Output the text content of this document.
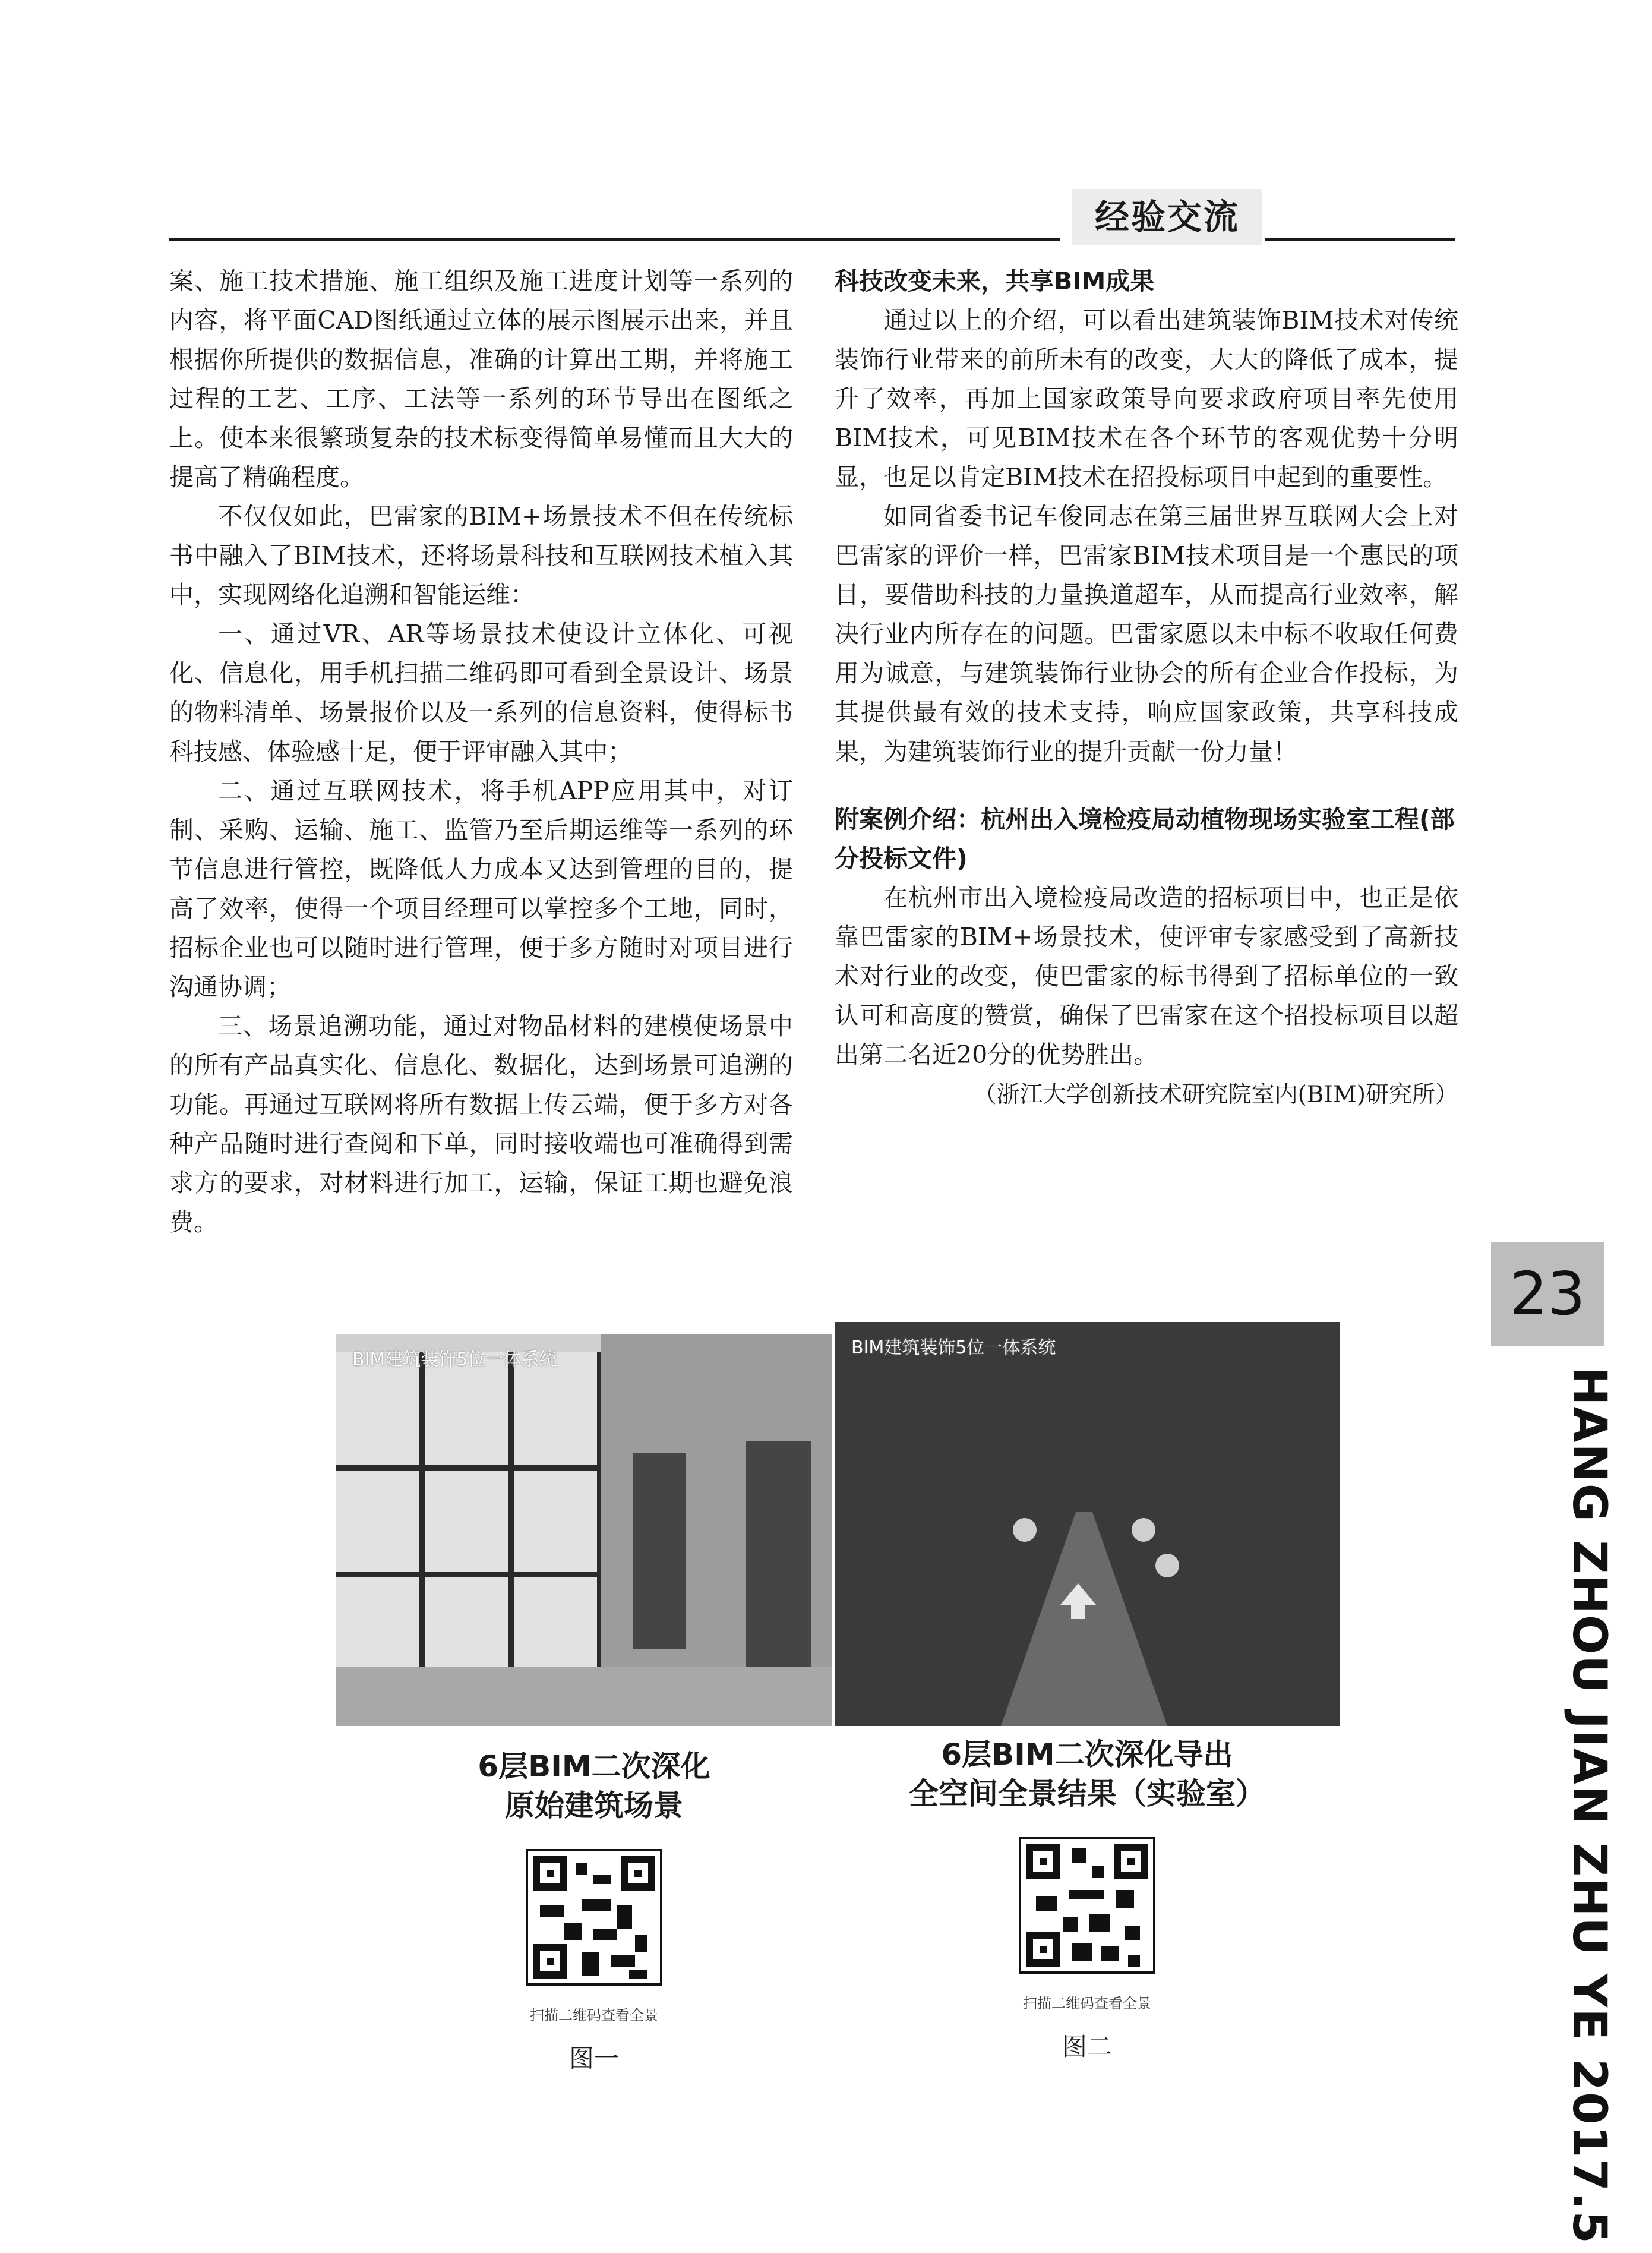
经验交流

案、施工技术措施、施工组织及施工进度计划等一系列的内容，将平面CAD图纸通过立体的展示图展示出来，并且根据你所提供的数据信息，准确的计算出工期，并将施工过程的工艺、工序、工法等一系列的环节导出在图纸之上。使本来很繁琐复杂的技术标变得简单易懂而且大大的提高了精确程度。

不仅仅如此，巴雷家的BIM+场景技术不但在传统标书中融入了BIM技术，还将场景科技和互联网技术植入其中，实现网络化追溯和智能运维：

一、通过VR、AR等场景技术使设计立体化、可视化、信息化，用手机扫描二维码即可看到全景设计、场景的物料清单、场景报价以及一系列的信息资料，使得标书科技感、体验感十足，便于评审融入其中；

二、通过互联网技术，将手机APP应用其中，对订制、采购、运输、施工、监管乃至后期运维等一系列的环节信息进行管控，既降低人力成本又达到管理的目的，提高了效率，使得一个项目经理可以掌控多个工地，同时，招标企业也可以随时进行管理，便于多方随时对项目进行沟通协调；

三、场景追溯功能，通过对物品材料的建模使场景中的所有产品真实化、信息化、数据化，达到场景可追溯的功能。再通过互联网将所有数据上传云端，便于多方对各种产品随时进行查阅和下单，同时接收端也可准确得到需求方的要求，对材料进行加工，运输，保证工期也避免浪费。

科技改变未来，共享BIM成果

通过以上的介绍，可以看出建筑装饰BIM技术对传统装饰行业带来的前所未有的改变，大大的降低了成本，提升了效率，再加上国家政策导向要求政府项目率先使用BIM技术，可见BIM技术在各个环节的客观优势十分明显，也足以肯定BIM技术在招投标项目中起到的重要性。

如同省委书记车俊同志在第三届世界互联网大会上对巴雷家的评价一样，巴雷家BIM技术项目是一个惠民的项目，要借助科技的力量换道超车，从而提高行业效率，解决行业内所存在的问题。巴雷家愿以未中标不收取任何费用为诚意，与建筑装饰行业协会的所有企业合作投标，为其提供最有效的技术支持，响应国家政策，共享科技成果，为建筑装饰行业的提升贡献一份力量！

附案例介绍：杭州出入境检疫局动植物现场实验室工程(部分投标文件)

在杭州市出入境检疫局改造的招标项目中，也正是依靠巴雷家的BIM+场景技术，使评审专家感受到了高新技术对行业的改变，使巴雷家的标书得到了招标单位的一致认可和高度的赞赏，确保了巴雷家在这个招投标项目以超出第二名近20分的优势胜出。

（浙江大学创新技术研究院室内(BIM)研究所）

23
HANG ZHOU JIAN ZHU YE 2017.5
BIM建筑装饰5位一体系统
BIM建筑装饰5位一体系统

6层BIM二次深化

原始建筑场景

扫描二维码查看全景

图一

6层BIM二次深化导出

全空间全景结果（实验室）

扫描二维码查看全景

图二
